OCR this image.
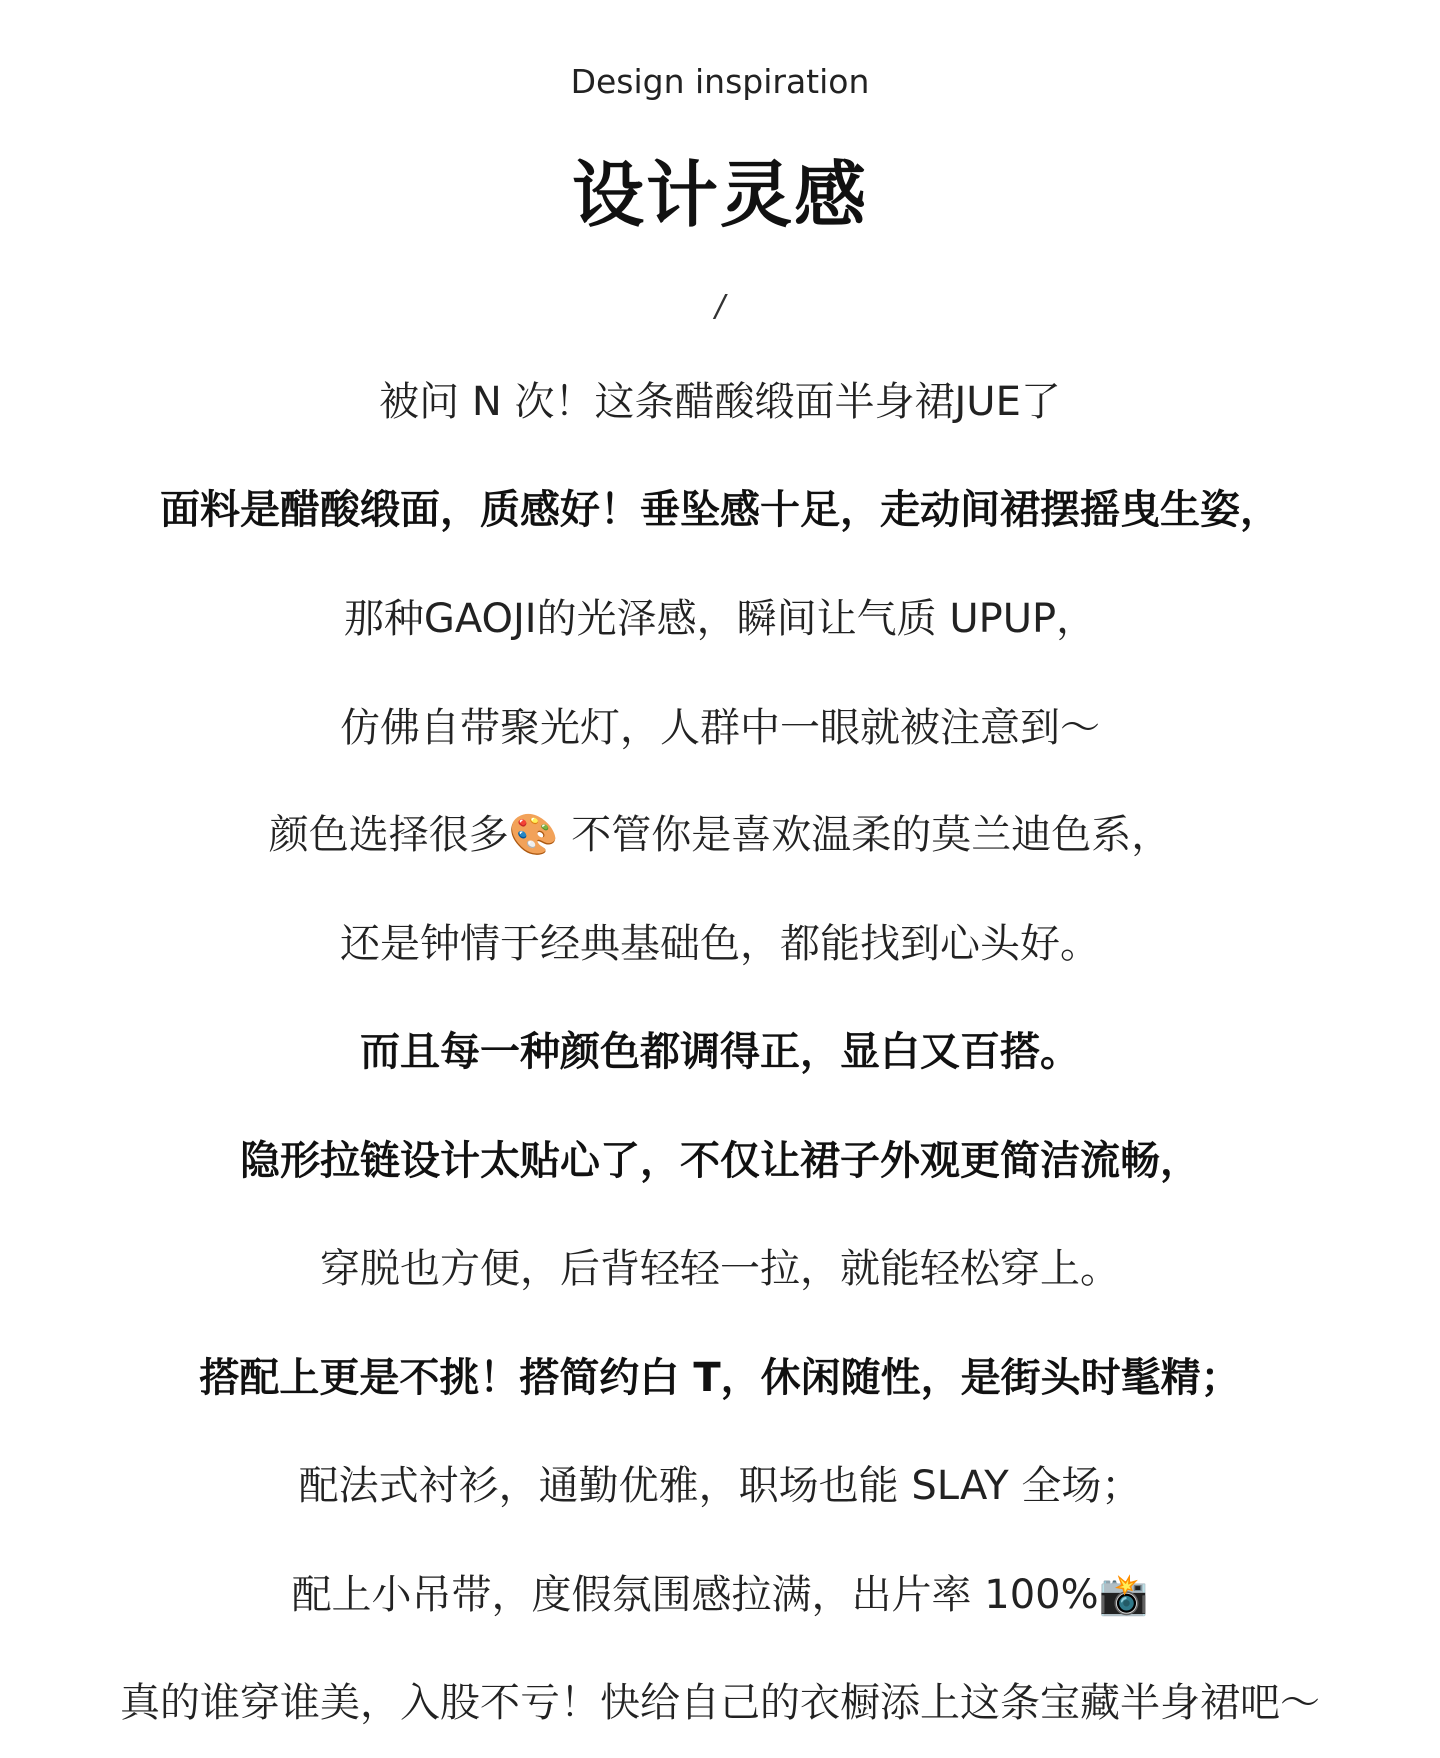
Design inspiration
设计灵感
/
被问 N 次！这条醋酸缎面半身裙JUE了
面料是醋酸缎面，质感好！垂坠感十足，走动间裙摆摇曳生姿，
那种GAOJI的光泽感，瞬间让气质 UPUP，
仿佛自带聚光灯，人群中一眼就被注意到～
颜色选择很多🎨 不管你是喜欢温柔的莫兰迪色系，
还是钟情于经典基础色，都能找到心头好。
而且每一种颜色都调得正，显白又百搭。
隐形拉链设计太贴心了，不仅让裙子外观更简洁流畅，
穿脱也方便，后背轻轻一拉，就能轻松穿上。
搭配上更是不挑！搭简约白 T，休闲随性，是街头时髦精；
配法式衬衫，通勤优雅，职场也能 SLAY 全场；
配上小吊带，度假氛围感拉满，出片率 100%📸
真的谁穿谁美，入股不亏！快给自己的衣橱添上这条宝藏半身裙吧～
